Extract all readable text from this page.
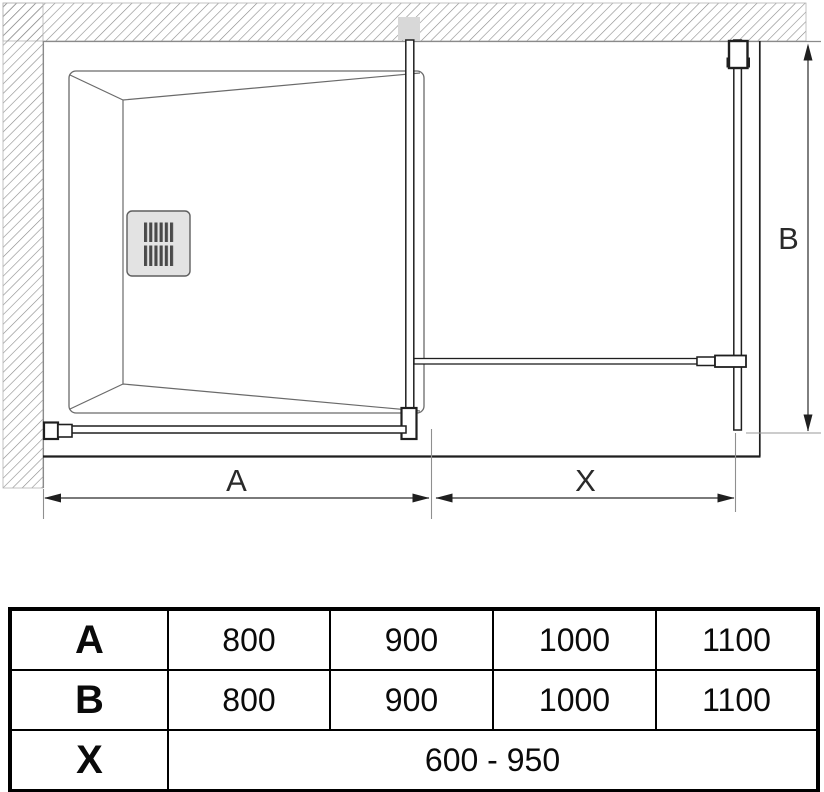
A	X
B
A	800	900	1000	1100
B	800	900	1000	1100
X	600 - 950			
